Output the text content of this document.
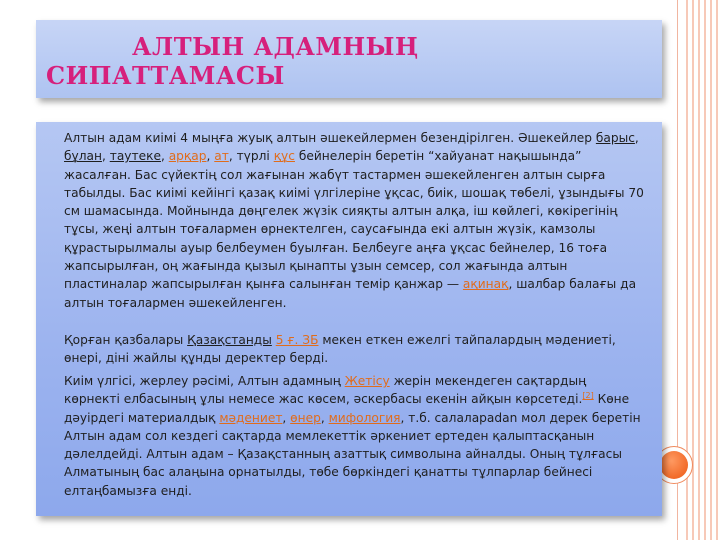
АЛТЫН АДАМНЫҢ
СИПАТТАМАСЫ

Алтын адам киімі 4 мыңға жуық алтын әшекейлермен безендірілген. Әшекейлер барыс, бұлан, таутеке, арқар, ат, түрлі құс бейнелерін беретін “хайуанат нақышында” жасалған. Бас сүйектің сол жағынан жабүт тастармен әшекейленген алтын сырға табылды. Бас киімі кейінгі қазақ киімі үлгілеріне ұқсас, биік, шошақ төбелі, ұзындығы 70 см шамасында. Мойнында дөңгелек жүзік сияқты алтын алқа, іш көйлегі, көкірегінің тұсы, жеңі алтын тоғалармен өрнектелген, саусағында екі алтын жүзік, камзолы құрастырылмалы ауыр белбеумен буылған. Белбеуге аңға ұқсас бейнелер, 16 тоға жапсырылған, оң жағында қызыл қынапты ұзын семсер, сол жағында алтын пластиналар жапсырылған қынға салынған темір қанжар — ақинақ, шалбар балағы да алтын тоғалармен әшекейленген.

Қорған қазбалары Қазақстанды 5 ғ. ЗБ мекен еткен ежелгі тайпалардың мәдениеті, өнері, діні жайлы құнды деректер берді.

Киім үлгісі, жерлеу рәсімі, Алтын адамның Жетісу жерін мекендеген сақтардың көрнекті елбасының ұлы немесе жас көсем, әскербасы екенін айқын көрсетеді.[2] Көне дәуірдегі материалдық мәдениет, өнер, мифология, т.б. салаларadan мол дерек беретін Алтын адам сол кездегі сақтарда мемлекеттік әркениет ертеден қалыптасқанын дәлелдейді. Алтын адам – Қазақстанның азаттық символына айналды. Оның тұлғасы Алматының бас алаңына орнатылды, төбе бөркіндегі қанатты тұлпарлар бейнесі елтаңбамызға енді.
